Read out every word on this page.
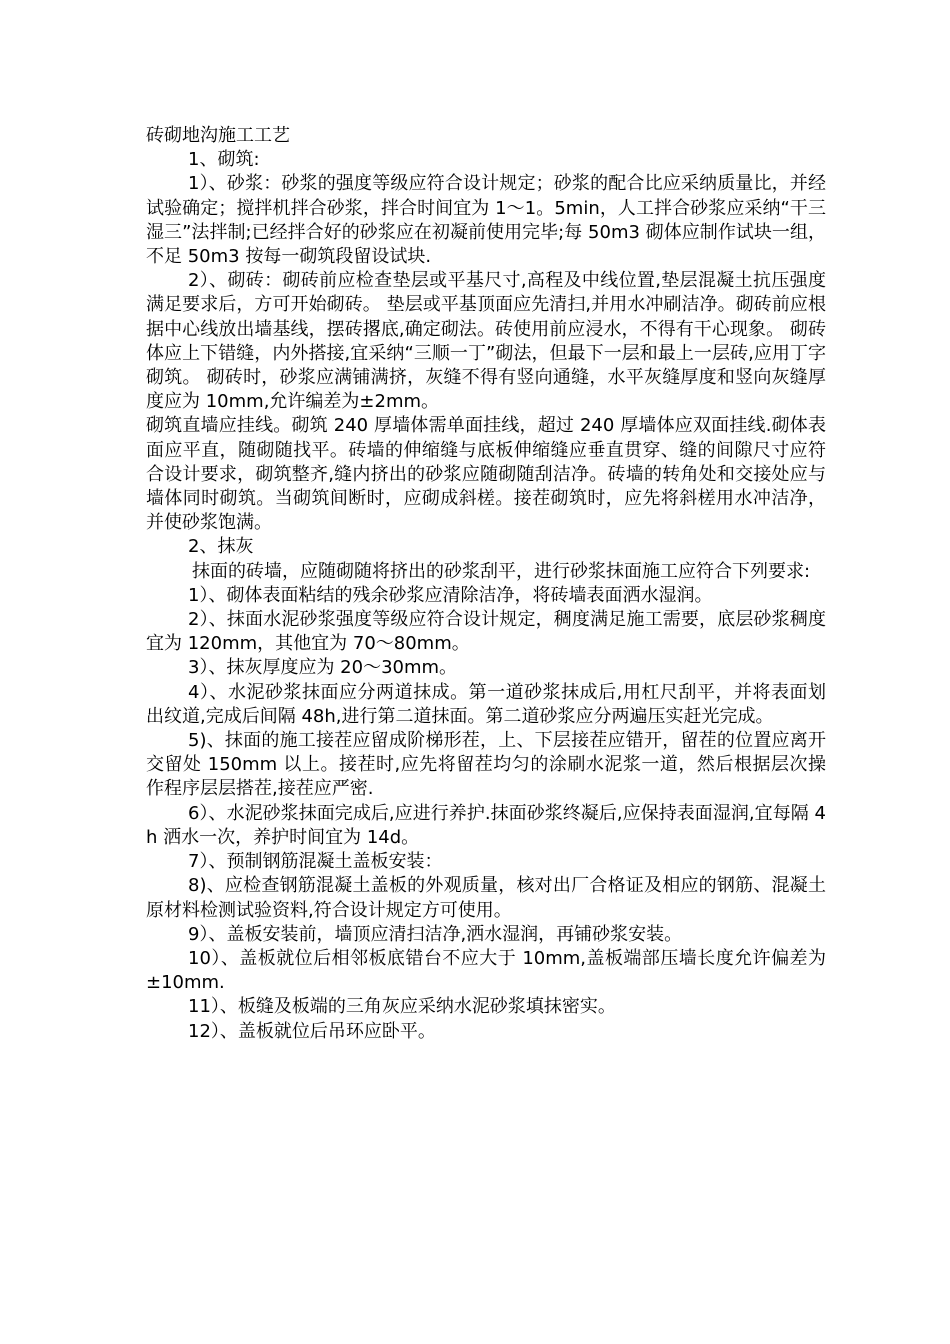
砖砌地沟施工工艺

1、砌筑:

1）、砂浆：砂浆的强度等级应符合设计规定；砂浆的配合比应采纳质量比，并经试验确定；搅拌机拌合砂浆，拌合时间宜为 1～1。5min，人工拌合砂浆应采纳“干三湿三”法拌制;已经拌合好的砂浆应在初凝前使用完毕;每 50m3 砌体应制作试块一组，不足 50m3 按每一砌筑段留设试块.

2）、砌砖：砌砖前应检查垫层或平基尺寸,高程及中线位置,垫层混凝土抗压强度满足要求后，方可开始砌砖。 垫层或平基顶面应先清扫,并用水冲刷洁净。砌砖前应根据中心线放出墙基线，摆砖撂底,确定砌法。砖使用前应浸水，不得有干心现象。 砌砖体应上下错缝，内外搭接,宜采纳“三顺一丁”砌法，但最下一层和最上一层砖,应用丁字砌筑。 砌砖时，砂浆应满铺满挤，灰缝不得有竖向通缝，水平灰缝厚度和竖向灰缝厚度应为 10mm,允许编差为±2mm。

砌筑直墙应挂线。砌筑 240 厚墙体需单面挂线，超过 240 厚墙体应双面挂线.砌体表面应平直，随砌随找平。砖墙的伸缩缝与底板伸缩缝应垂直贯穿、缝的间隙尺寸应符合设计要求，砌筑整齐,缝内挤出的砂浆应随砌随刮洁净。砖墙的转角处和交接处应与墙体同时砌筑。当砌筑间断时，应砌成斜槎。接茬砌筑时，应先将斜槎用水冲洁净，并使砂浆饱满。

2、抹灰

抹面的砖墙，应随砌随将挤出的砂浆刮平，进行砂浆抹面施工应符合下列要求:

1）、砌体表面粘结的残余砂浆应清除洁净，将砖墙表面洒水湿润。

2）、抹面水泥砂浆强度等级应符合设计规定，稠度满足施工需要，底层砂浆稠度宜为 120mm，其他宜为 70～80mm。

3）、抹灰厚度应为 20～30mm。

4）、水泥砂浆抹面应分两道抹成。第一道砂浆抹成后,用杠尺刮平，并将表面划出纹道,完成后间隔 48h,进行第二道抹面。第二道砂浆应分两遍压实赶光完成。

5)、抹面的施工接茬应留成阶梯形茬，上、下层接茬应错开，留茬的位置应离开交留处 150mm 以上。接茬时,应先将留茬均匀的涂刷水泥浆一道，然后根据层次操作程序层层搭茬,接茬应严密.

6）、水泥砂浆抹面完成后,应进行养护.抹面砂浆终凝后,应保持表面湿润,宜每隔 4h 洒水一次，养护时间宜为 14d。

7）、预制钢筋混凝土盖板安装：

8)、应检查钢筋混凝土盖板的外观质量，核对出厂合格证及相应的钢筋、混凝土原材料检测试验资料,符合设计规定方可使用。

9）、盖板安装前，墙顶应清扫洁净,洒水湿润，再铺砂浆安装。

10）、盖板就位后相邻板底错台不应大于 10mm,盖板端部压墙长度允许偏差为±10mm.

11）、板缝及板端的三角灰应采纳水泥砂浆填抹密实。

12）、盖板就位后吊环应卧平。
